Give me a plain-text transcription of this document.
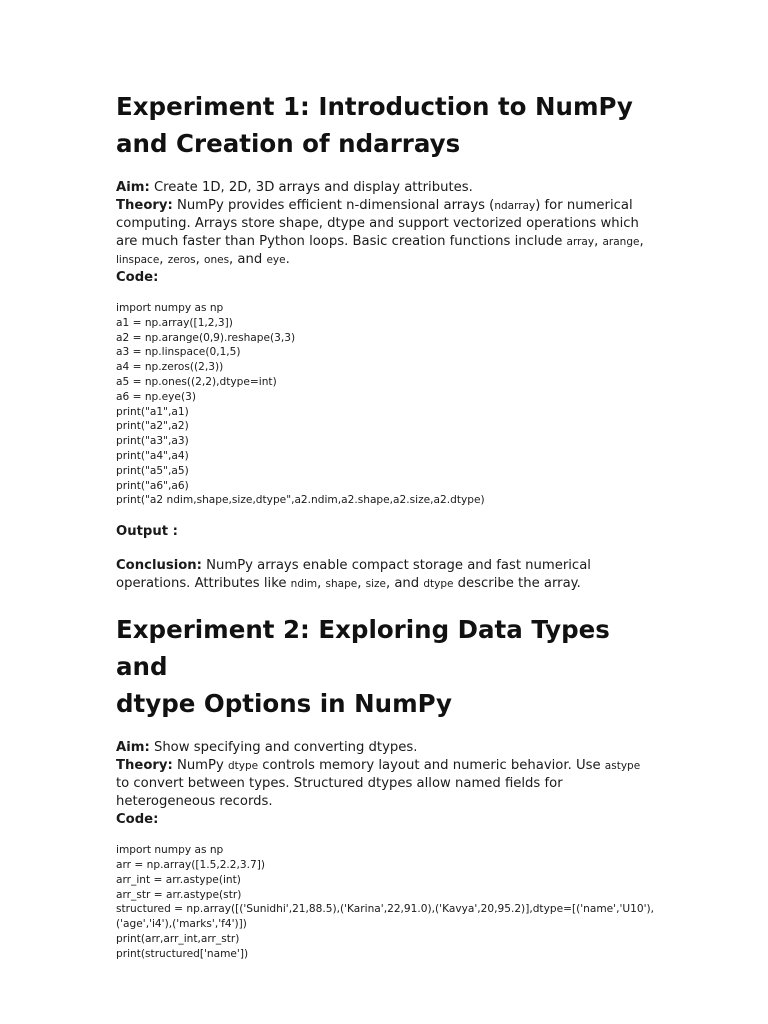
Experiment 1: Introduction to NumPy
and Creation of ndarrays

Aim: Create 1D, 2D, 3D arrays and display attributes.

Theory: NumPy provides efficient n-dimensional arrays (ndarray) for numerical computing. Arrays store shape, dtype and support vectorized operations which are much faster than Python loops. Basic creation functions include array, arange, linspace, zeros, ones, and eye.

Code:

import numpy as np
a1 = np.array([1,2,3])
a2 = np.arange(0,9).reshape(3,3)
a3 = np.linspace(0,1,5)
a4 = np.zeros((2,3))
a5 = np.ones((2,2),dtype=int)
a6 = np.eye(3)
print("a1",a1)
print("a2",a2)
print("a3",a3)
print("a4",a4)
print("a5",a5)
print("a6",a6)
print("a2 ndim,shape,size,dtype",a2.ndim,a2.shape,a2.size,a2.dtype)

Output :

Conclusion: NumPy arrays enable compact storage and fast numerical operations. Attributes like ndim, shape, size, and dtype describe the array.

Experiment 2: Exploring Data Types and
dtype Options in NumPy

Aim: Show specifying and converting dtypes.

Theory: NumPy dtype controls memory layout and numeric behavior. Use astype to convert between types. Structured dtypes allow named fields for heterogeneous records.

Code:

import numpy as np
arr = np.array([1.5,2.2,3.7])
arr_int = arr.astype(int)
arr_str = arr.astype(str)
structured = np.array([('Sunidhi',21,88.5),('Karina',22,91.0),('Kavya',20,95.2)],dtype=[('name','U10'),
('age','i4'),('marks','f4')])
print(arr,arr_int,arr_str)
print(structured['name'])
